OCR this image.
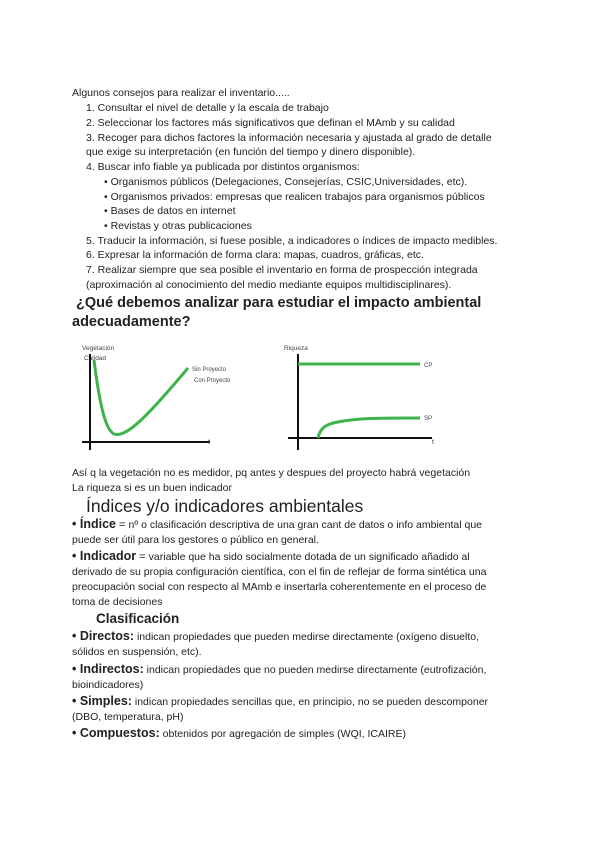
Algunos consejos para realizar el inventario.....
1. Consultar el nivel de detalle y la escala de trabajo
2. Seleccionar los factores más significativos que definan el MAmb y su calidad
3. Recoger para dichos factores la información necesaria y ajustada al grado de detalle
que exige su interpretación (en función del tiempo y dinero disponible).
4. Buscar info fiable ya publicada por distintos organismos:
• Organismos públicos (Delegaciones, Consejerías, CSIC,Universidades, etc).
• Organismos privados: empresas que realicen trabajos para organismos públicos
• Bases de datos en internet
• Revistas y otras publicaciones
5. Traducir la información, si fuese posible, a indicadores o índices de impacto medibles.
6. Expresar la información de forma clara: mapas, cuadros, gráficas, etc.
7. Realizar siempre que sea posible el inventario en forma de prospección integrada
(aproximación al conocimiento del medio mediante equipos multidisciplinares).
¿Qué debemos analizar para estudiar el impacto ambiental
adecuadamente?
Vegetación
Calidad
Sin Proyecto
Con Proyecto
t
Riqueza
CP
SP
t
Así q la vegetación no es medidor, pq antes y despues del proyecto habrá vegetación
La riqueza si es un buen indicador
Índices y/o indicadores ambientales
• Índice = nº o clasificación descriptiva de una gran cant de datos o info ambiental que
puede ser útil para los gestores o público en general.
• Indicador = variable que ha sido socialmente dotada de un significado añadido al
derivado de su propia configuración científica, con el fin de reflejar de forma sintética una
preocupación social con respecto al MAmb e insertarla coherentemente en el proceso de
toma de decisiones
Clasificación
• Directos: indican propiedades que pueden medirse directamente (oxígeno disuelto,
sólidos en suspensión, etc).
• Indirectos: indican propiedades que no pueden medirse directamente (eutrofización,
bioindicadores)
• Simples: indican propiedades sencillas que, en principio, no se pueden descomponer
(DBO, temperatura, pH)
• Compuestos: obtenidos por agregación de simples (WQI, ICAIRE)
